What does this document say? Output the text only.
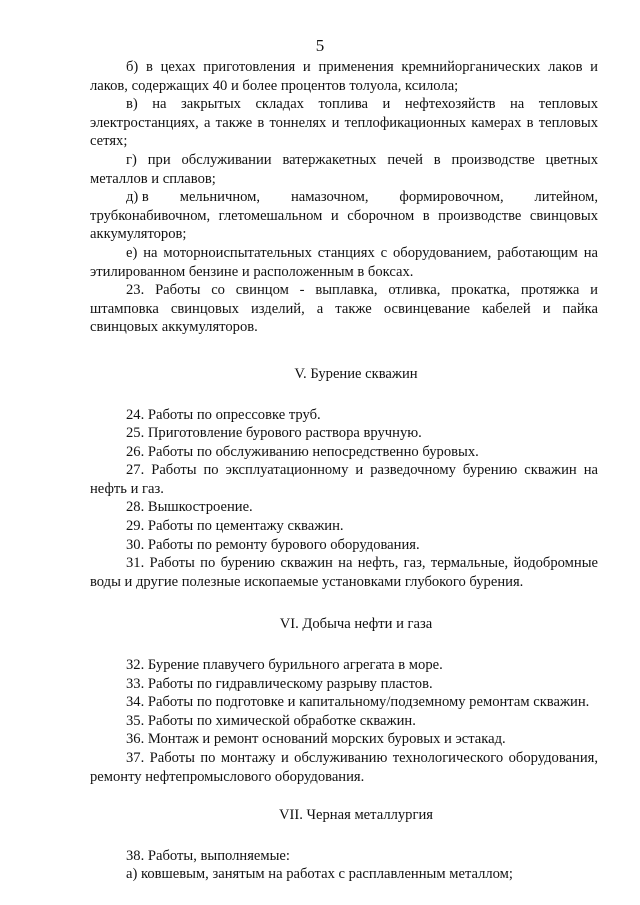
5

б) в цехах приготовления и применения кремнийорганических лаков и лаков, содержащих 40 и более процентов толуола, ксилола;

в) на закрытых складах топлива и нефтехозяйств на тепловых электростанциях, а также в тоннелях и теплофикационных камерах в тепловых сетях;

г) при обслуживании ватержакетных печей в производстве цветных металлов и сплавов;

д) в мельничном, намазочном, формировочном, литейном,

трубконабивочном, глетомешальном и сборочном в производстве свинцовых аккумуляторов;

е) на моторноиспытательных станциях с оборудованием, работающим на этилированном бензине и расположенным в боксах.

23. Работы со свинцом - выплавка, отливка, прокатка, протяжка и штамповка свинцовых изделий, а также освинцевание кабелей и пайка свинцовых аккумуляторов.

V. Бурение скважин

24. Работы по опрессовке труб.

25. Приготовление бурового раствора вручную.

26. Работы по обслуживанию непосредственно буровых.

27. Работы по эксплуатационному и разведочному бурению скважин на нефть и газ.

28. Вышкостроение.

29. Работы по цементажу скважин.

30. Работы по ремонту бурового оборудования.

31. Работы по бурению скважин на нефть, газ, термальные, йодобромные воды и другие полезные ископаемые установками глубокого бурения.

VI. Добыча нефти и газа

32. Бурение плавучего бурильного агрегата в море.

33. Работы по гидравлическому разрыву пластов.

34. Работы по подготовке и капитальному/подземному ремонтам скважин.

35. Работы по химической обработке скважин.

36. Монтаж и ремонт оснований морских буровых и эстакад.

37. Работы по монтажу и обслуживанию технологического оборудования, ремонту нефтепромыслового оборудования.

VII. Черная металлургия

38. Работы, выполняемые:

а) ковшевым, занятым на работах с расплавленным металлом;
